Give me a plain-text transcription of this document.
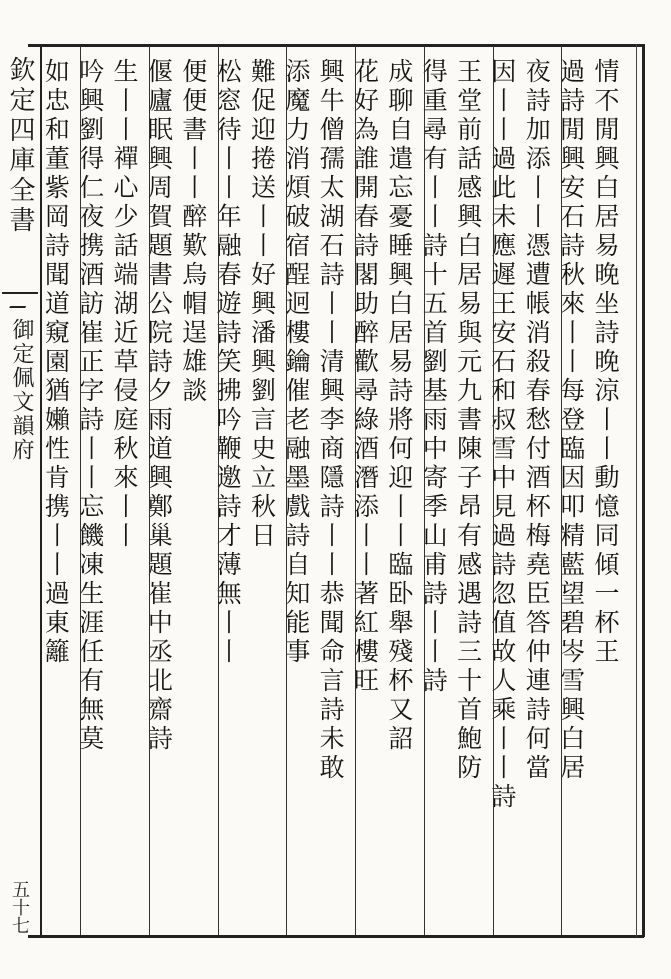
欽定四庫全書
御定佩文韻府
五十七
情不閒興白居易晚坐詩晚涼丨丨動憶同傾一杯王
過詩閒興安石詩秋來丨丨每登臨因叩精藍望碧岑雪興白居
夜詩加添丨丨憑遭帳消殺春愁付酒杯梅堯臣答仲連詩何當
因丨丨過此未應遲王安石和叔雪中見過詩忽值故人乘丨丨詩
王堂前話感興白居易與元九書陳子昂有感遇詩三十首鮑防
得重尋有丨丨詩十五首劉基雨中寄季山甫詩丨丨詩
成聊自遣忘憂睡興白居易詩將何迎丨丨臨卧舉殘杯又詔
花好為誰開春詩閣助醉歡尋綠酒潛添丨丨著紅樓旺
興牛僧孺太湖石詩丨丨清興李商隱詩丨丨恭聞命言詩未敢
添魔力消煩破宿酲迥樓鑰催老融墨戲詩自知能事
難促迎捲送丨丨好興潘興劉言史立秋日
松窓待丨丨年融春遊詩笑拂吟鞭邀詩才薄無丨丨
便便書丨丨醉歎烏帽逞雄談
偃廬眠興周賀題書公院詩夕雨道興鄭巢題崔中丞北齋詩
生丨丨禪心少話端湖近草侵庭秋來丨丨
吟興劉得仁夜携酒訪崔正字詩丨丨忘饑凍生涯任有無莫
如忠和董紫岡詩聞道窺園猶嬾性肯携丨丨過東籬
